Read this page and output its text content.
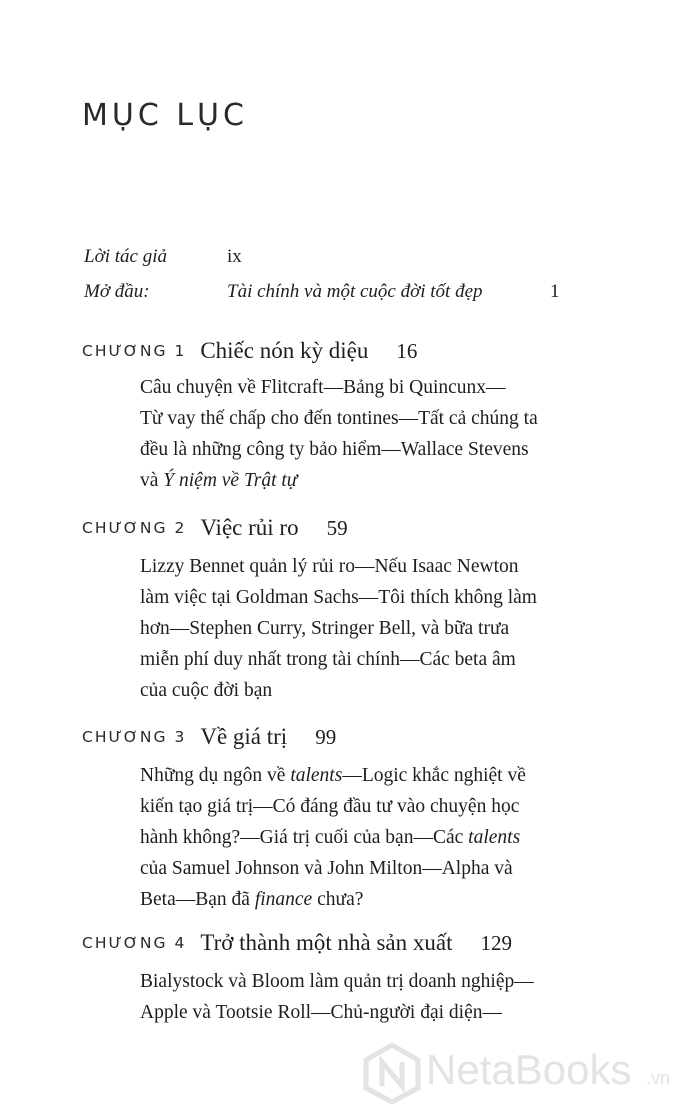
MỤC LỤC
Lời tác giả	ix
Mở đầu:	Tài chính và một cuộc đời tốt đẹp	1
CHƯƠNG 1 Chiếc nón kỳ diệu 16
Câu chuyện về Flitcraft—Bảng bi Quincunx—
Từ vay thế chấp cho đến tontines—Tất cả chúng ta
đều là những công ty bảo hiểm—Wallace Stevens
và Ý niệm về Trật tự
CHƯƠNG 2 Việc rủi ro 59
Lizzy Bennet quản lý rủi ro—Nếu Isaac Newton
làm việc tại Goldman Sachs—Tôi thích không làm
hơn—Stephen Curry, Stringer Bell, và bữa trưa
miễn phí duy nhất trong tài chính—Các beta âm
của cuộc đời bạn
CHƯƠNG 3 Về giá trị 99
Những dụ ngôn về talents—Logic khắc nghiệt về
kiến tạo giá trị—Có đáng đầu tư vào chuyện học
hành không?—Giá trị cuối của bạn—Các talents
của Samuel Johnson và John Milton—Alpha và
Beta—Bạn đã finance chưa?
CHƯƠNG 4 Trở thành một nhà sản xuất 129
Bialystock và Bloom làm quản trị doanh nghiệp—
Apple và Tootsie Roll—Chủ-người đại diện—
NetaBooks .vn
